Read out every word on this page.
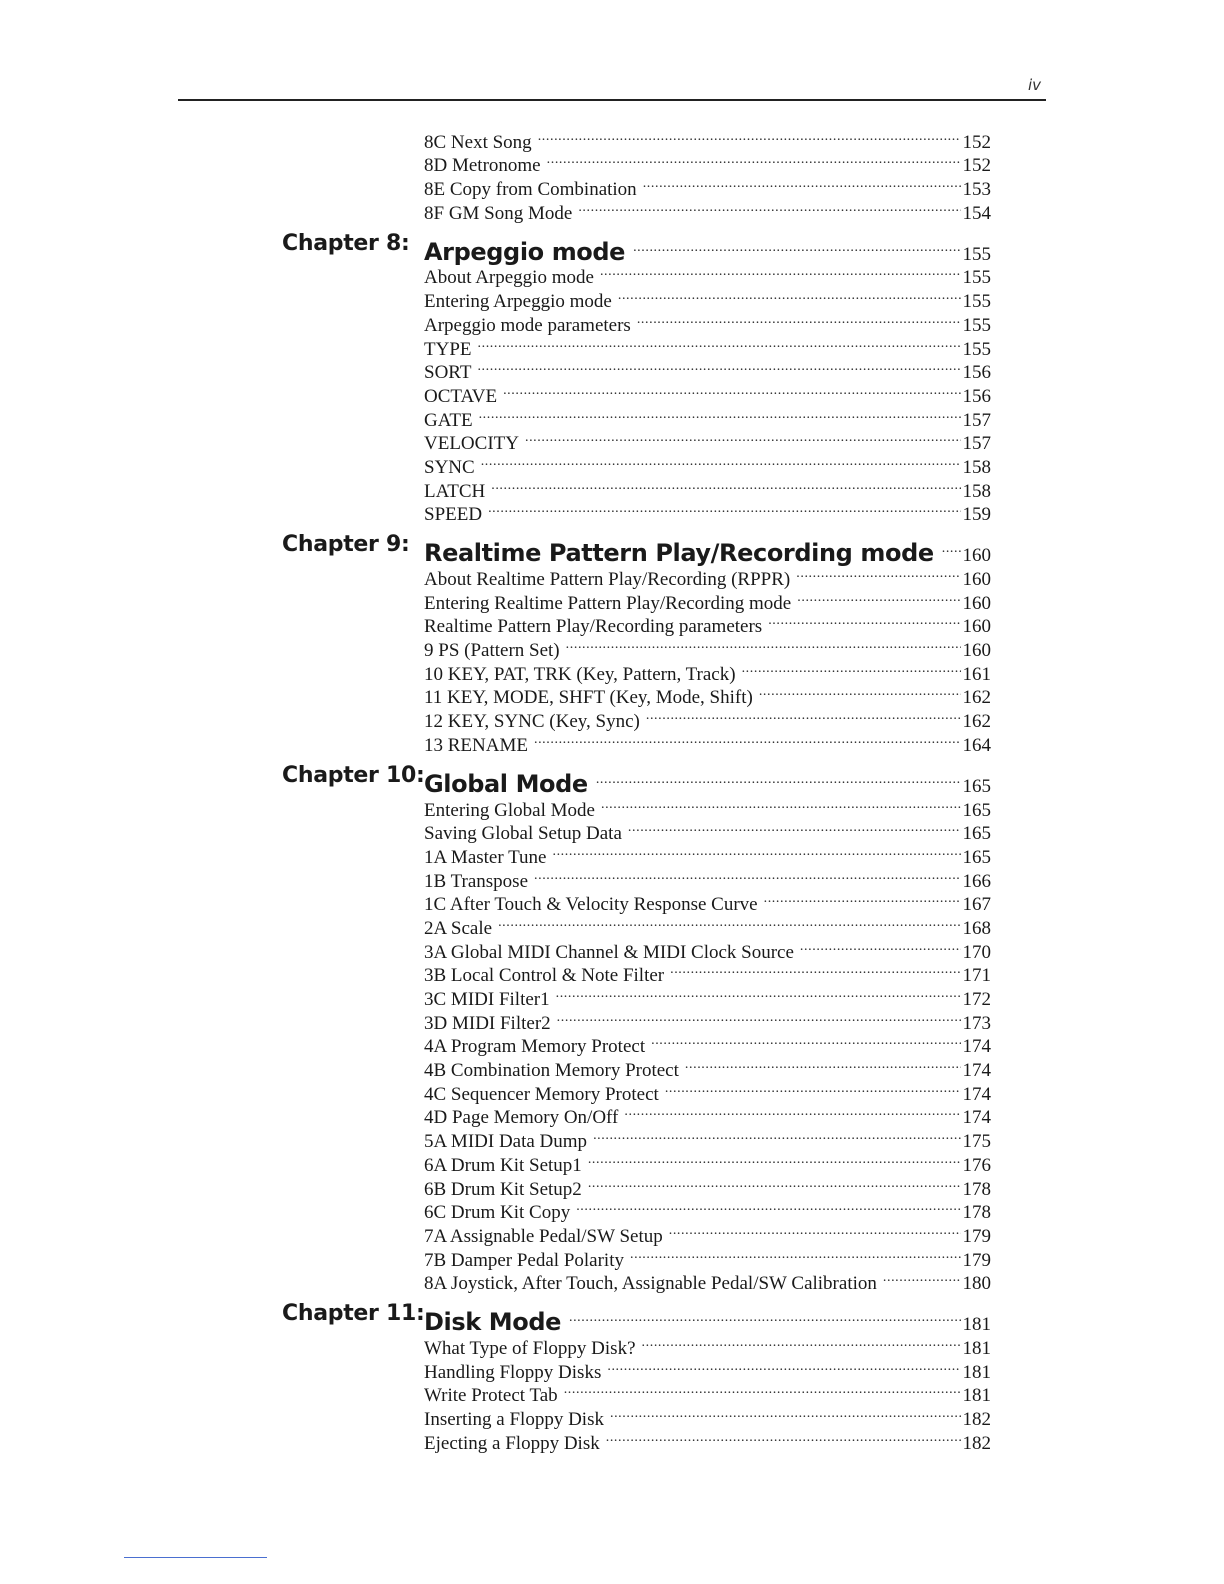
iv
8C Next Song .....	152
8D Metronome .....	152
8E Copy from Combination .....	153
8F GM Song Mode .....	154
Chapter 8: Arpeggio mode .....	155
About Arpeggio mode .....	155
Entering Arpeggio mode .....	155
Arpeggio mode parameters .....	155
TYPE .....	155
SORT .....	156
OCTAVE .....	156
GATE .....	157
VELOCITY .....	157
SYNC .....	158
LATCH .....	158
SPEED .....	159
Chapter 9: Realtime Pattern Play/Recording mode .....	160
About Realtime Pattern Play/Recording (RPPR) .....	160
Entering Realtime Pattern Play/Recording mode .....	160
Realtime Pattern Play/Recording parameters .....	160
9 PS (Pattern Set) .....	160
10 KEY, PAT, TRK (Key, Pattern, Track) .....	161
11 KEY, MODE, SHFT (Key, Mode, Shift) .....	162
12 KEY, SYNC (Key, Sync) .....	162
13 RENAME .....	164
Chapter 10: Global Mode .....	165
Entering Global Mode .....	165
Saving Global Setup Data .....	165
1A Master Tune .....	165
1B Transpose .....	166
1C After Touch & Velocity Response Curve .....	167
2A Scale .....	168
3A Global MIDI Channel & MIDI Clock Source .....	170
3B Local Control & Note Filter .....	171
3C MIDI Filter1 .....	172
3D MIDI Filter2 .....	173
4A Program Memory Protect .....	174
4B Combination Memory Protect .....	174
4C Sequencer Memory Protect .....	174
4D Page Memory On/Off .....	174
5A MIDI Data Dump .....	175
6A Drum Kit Setup1 .....	176
6B Drum Kit Setup2 .....	178
6C Drum Kit Copy .....	178
7A Assignable Pedal/SW Setup .....	179
7B Damper Pedal Polarity .....	179
8A Joystick, After Touch, Assignable Pedal/SW Calibration .....	180
Chapter 11: Disk Mode .....	181
What Type of Floppy Disk? .....	181
Handling Floppy Disks .....	181
Write Protect Tab .....	181
Inserting a Floppy Disk .....	182
Ejecting a Floppy Disk .....	182
